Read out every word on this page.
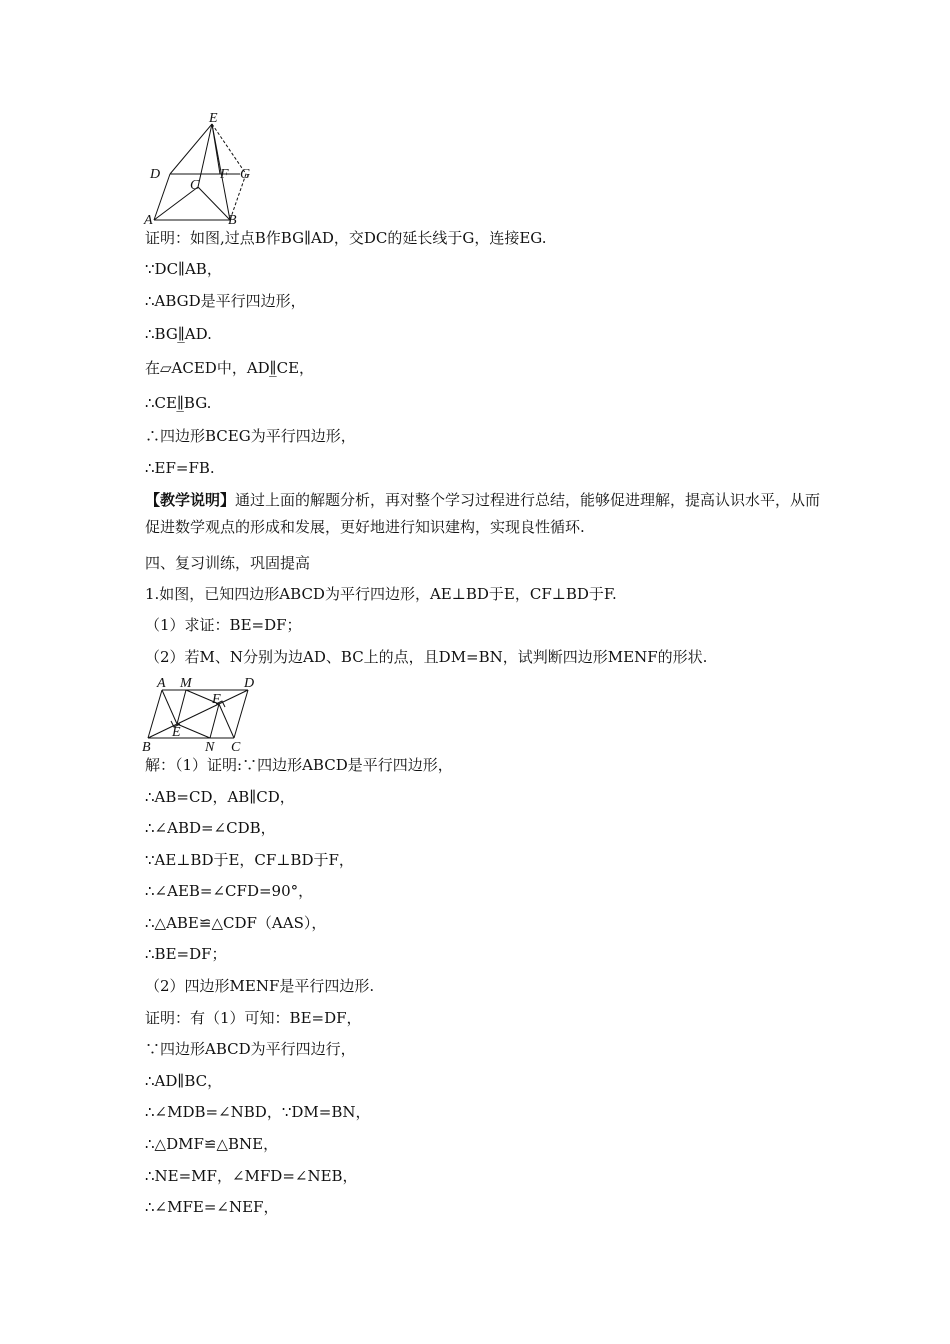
E
D	F G
C
A	B
证明：如图,过点B作BG∥AD，交DC的延长线于G，连接EG.
∵DC∥AB，
∴ABGD是平行四边形，
∴BG∥̲AD.
在▱ACED中，AD∥̲CE，
∴CE∥̲BG.
∴四边形BCEG为平行四边形，
∴EF=FB.
【教学说明】通过上面的解题分析，再对整个学习过程进行总结，能够促进理解，提高认识水平，从而促进数学观点的形成和发展，更好地进行知识建构，实现良性循环.
四、复习训练，巩固提高
1.如图，已知四边形ABCD为平行四边形，AE⊥BD于E，CF⊥BD于F.
（1）求证：BE=DF；
（2）若M、N分别为边AD、BC上的点，且DM=BN，试判断四边形MENF的形状.
A M	D
F
E
B	N C
解：（1）证明:∵四边形ABCD是平行四边形，
∴AB=CD，AB∥CD，
∴∠ABD=∠CDB，
∵AE⊥BD于E，CF⊥BD于F，
∴∠AEB=∠CFD=90°，
∴△ABE≌△CDF（AAS），
∴BE=DF；
（2）四边形MENF是平行四边形.
证明：有（1）可知：BE=DF，
∵四边形ABCD为平行四边行，
∴AD∥BC，
∴∠MDB=∠NBD，∵DM=BN，
∴△DMF≌△BNE，
∴NE=MF，∠MFD=∠NEB，
∴∠MFE=∠NEF，
